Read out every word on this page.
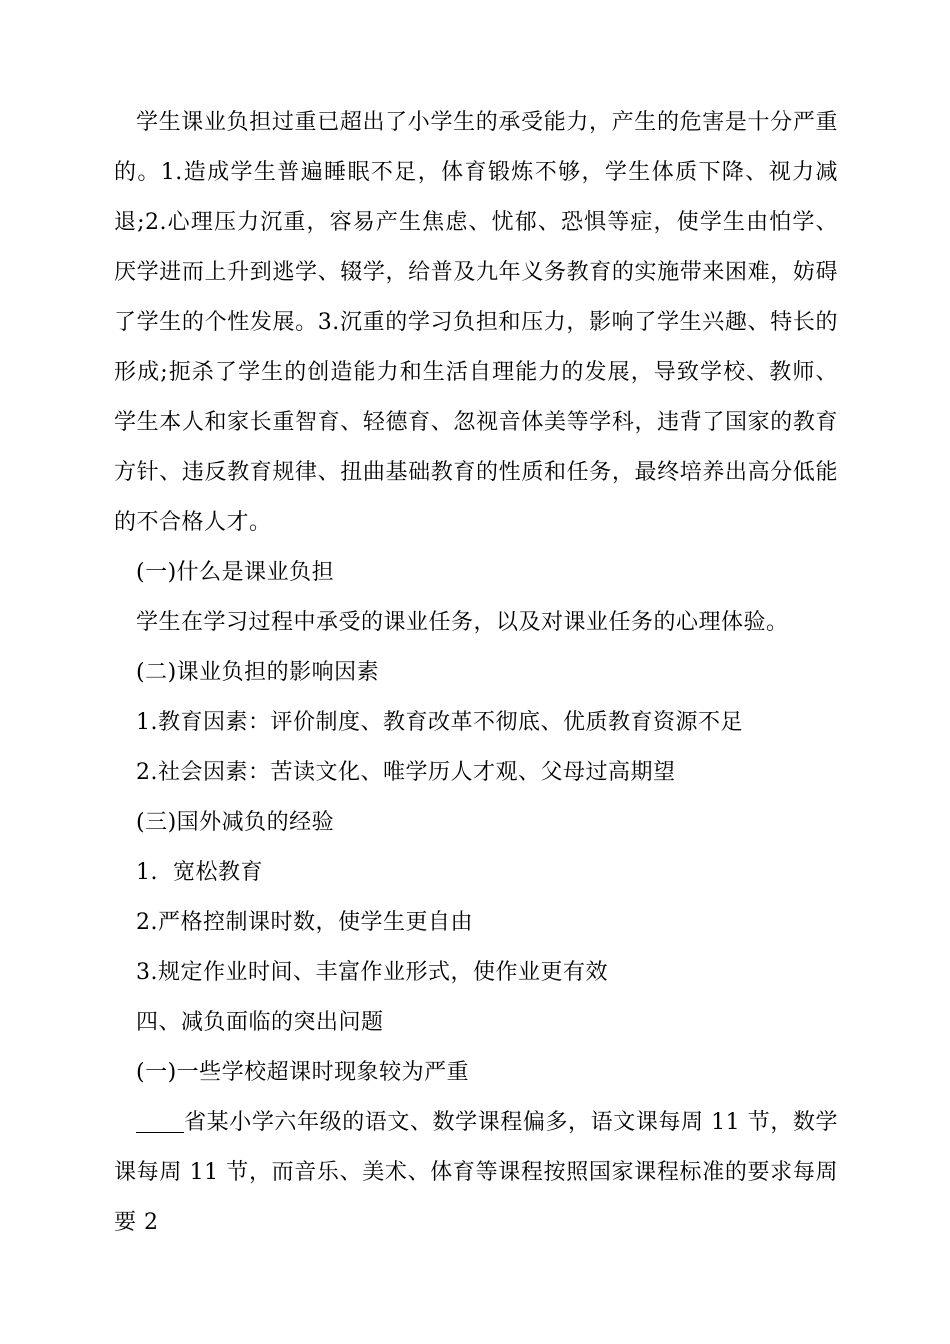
学生课业负担过重已超出了小学生的承受能力，产生的危害是十分严重的。1.造成学生普遍睡眠不足，体育锻炼不够，学生体质下降、视力减退;2.心理压力沉重，容易产生焦虑、忧郁、恐惧等症，使学生由怕学、厌学进而上升到逃学、辍学，给普及九年义务教育的实施带来困难，妨碍了学生的个性发展。3.沉重的学习负担和压力，影响了学生兴趣、特长的形成;扼杀了学生的创造能力和生活自理能力的发展，导致学校、教师、学生本人和家长重智育、轻德育、忽视音体美等学科，违背了国家的教育方针、违反教育规律、扭曲基础教育的性质和任务，最终培养出高分低能的不合格人才。

(一)什么是课业负担

学生在学习过程中承受的课业任务，以及对课业任务的心理体验。

(二)课业负担的影响因素

1.教育因素：评价制度、教育改革不彻底、优质教育资源不足

2.社会因素：苦读文化、唯学历人才观、父母过高期望

(三)国外减负的经验

1.  宽松教育

2.严格控制课时数，使学生更自由

3.规定作业时间、丰富作业形式，使作业更有效

四、减负面临的突出问题

(一)一些学校超课时现象较为严重

省某小学六年级的语文、数学课程偏多，语文课每周 11 节，数学课每周 11 节，而音乐、美术、体育等课程按照国家课程标准的要求每周要 2
